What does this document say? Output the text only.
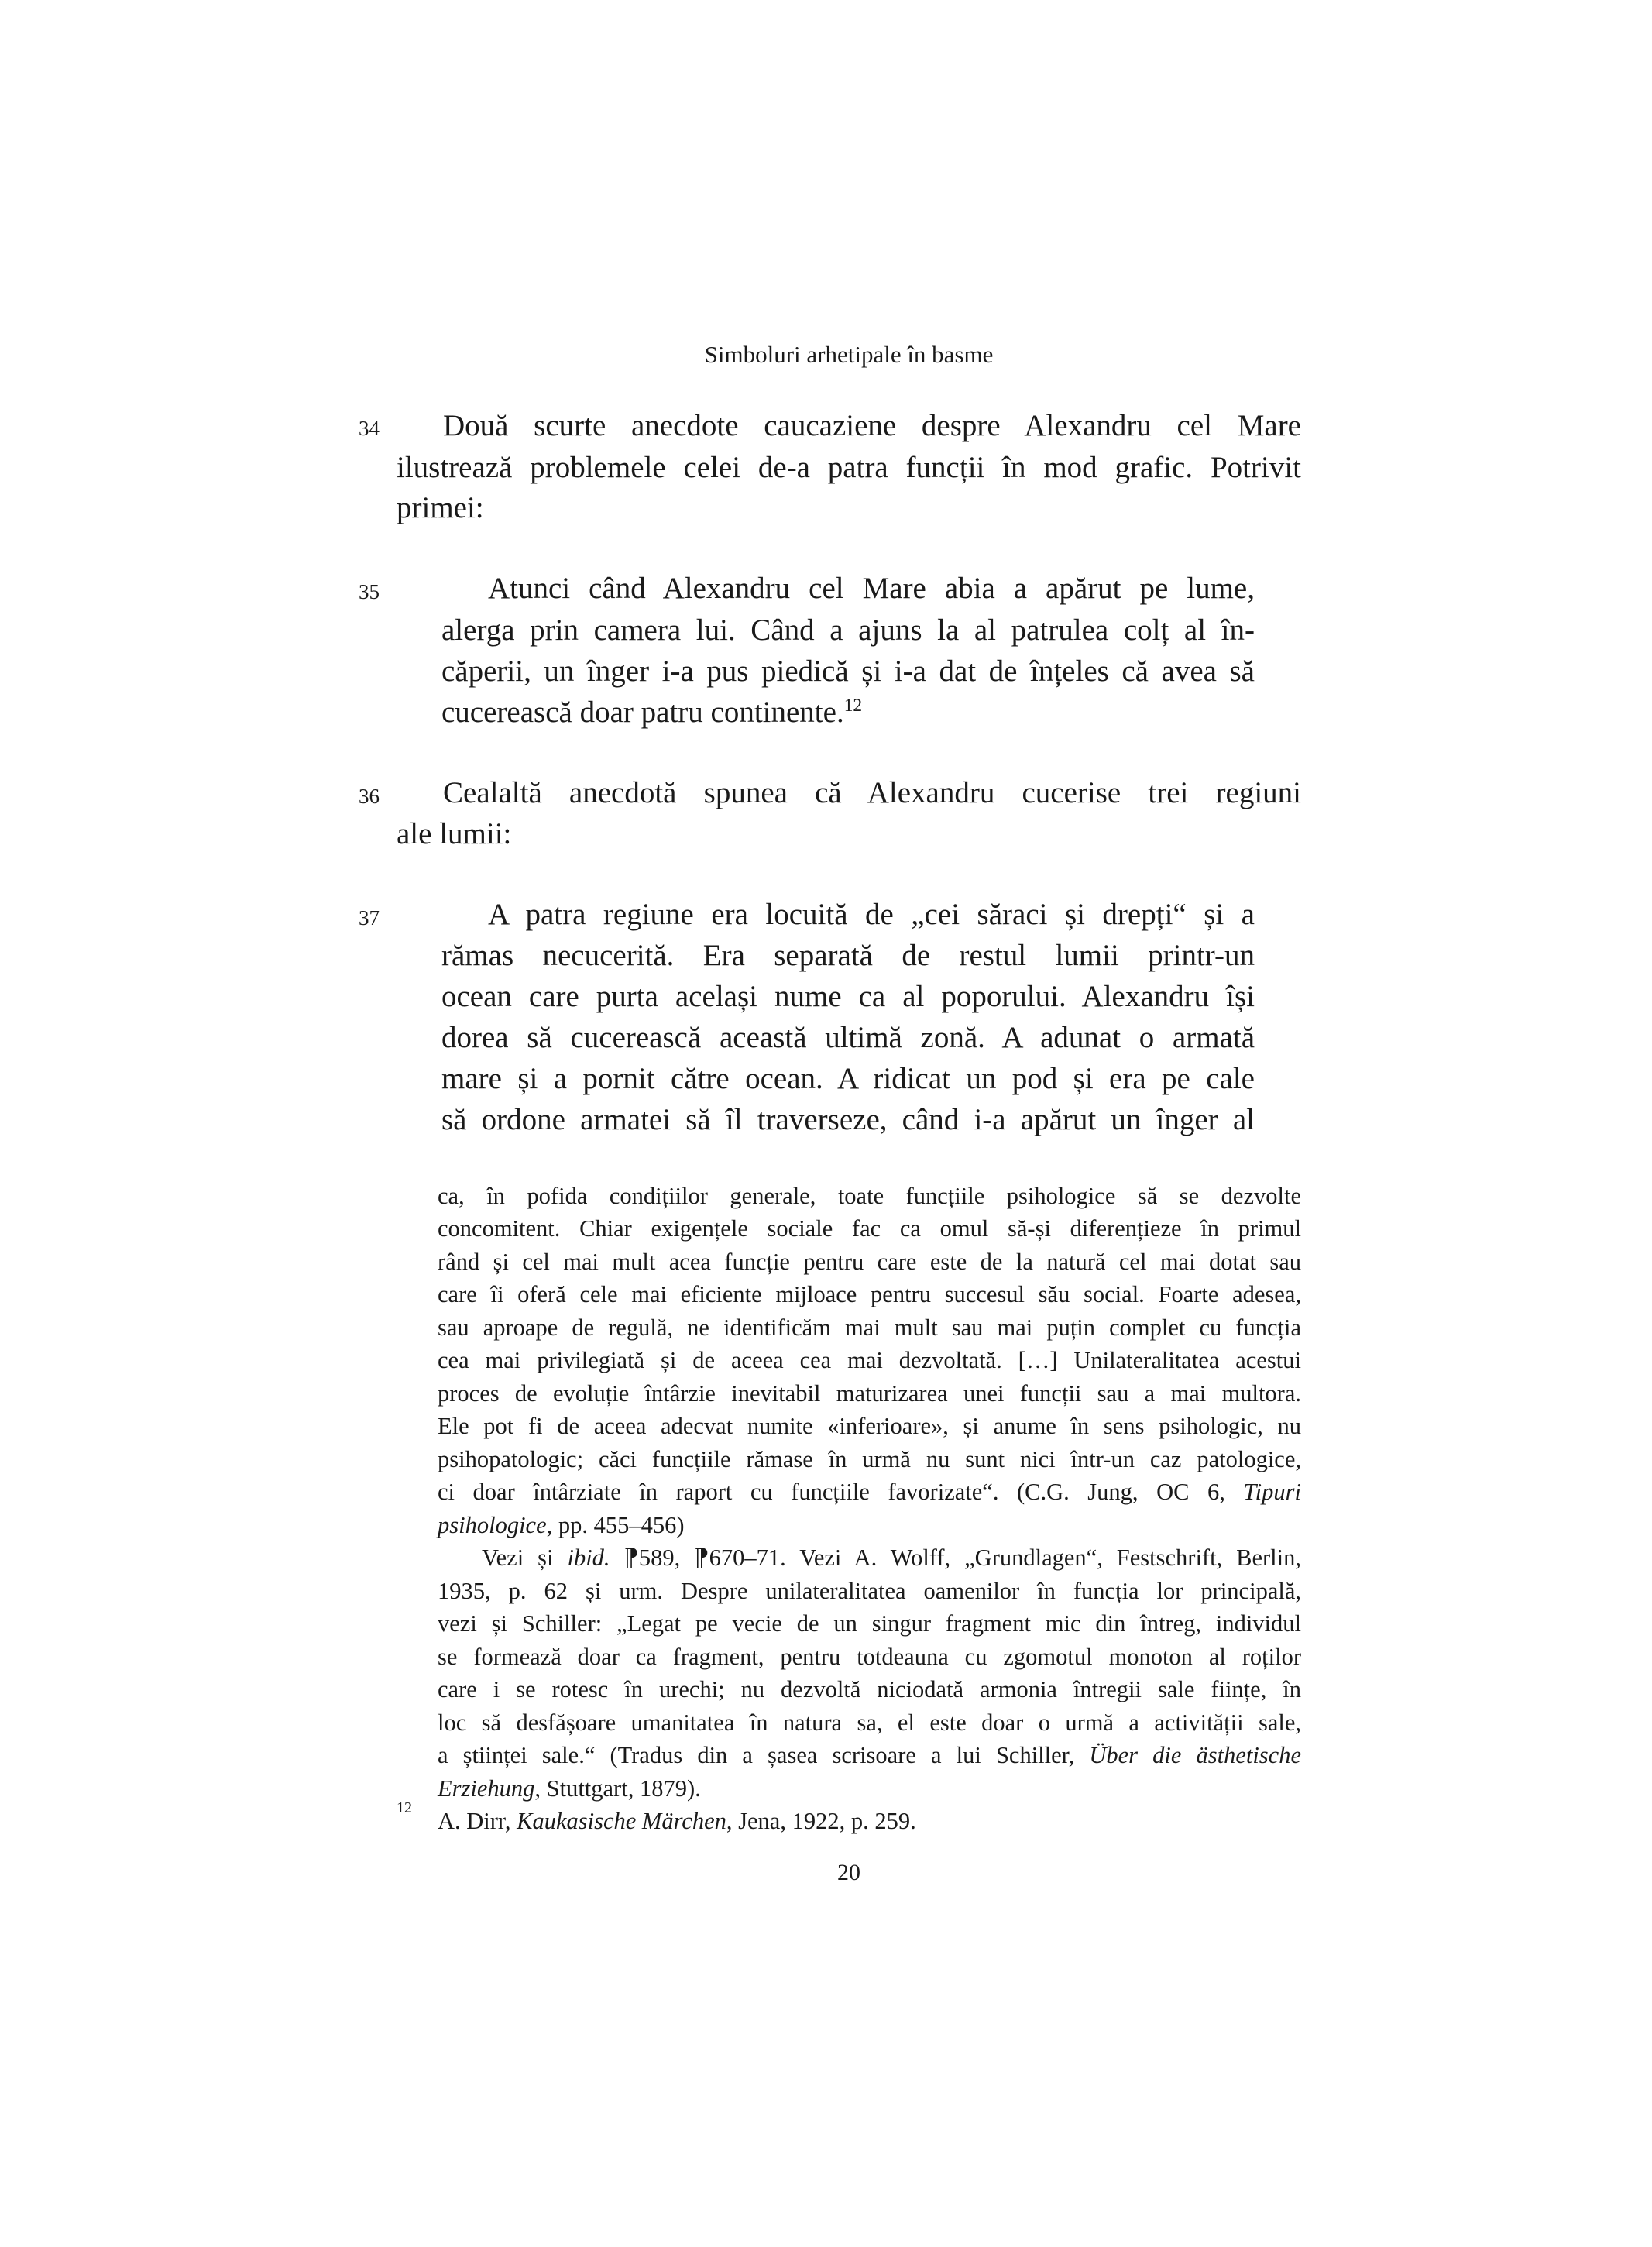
Simboluri arhetipale în basme
34 Două scurte anecdote caucaziene despre Alexandru cel Mare
ilustrează problemele celei de-a patra funcții în mod grafic. Potrivit
primei:
35	Atunci când Alexandru cel Mare abia a apărut pe lume,
alerga prin camera lui. Când a ajuns la al patrulea colț al în-
căperii, un înger i-a pus piedică și i-a dat de înțeles că avea să
cucerească doar patru continente.$^{12}$
36 Cealaltă anecdotă spunea că Alexandru cucerise trei regiuni
ale lumii:
37	A patra regiune era locuită de „cei săraci și drepți“ și a
rămas necucerită. Era separată de restul lumii printr-un
ocean care purta același nume ca al poporului. Alexandru își
dorea să cucerească această ultimă zonă. A adunat o armată
mare și a pornit către ocean. A ridicat un pod și era pe cale
să ordone armatei să îl traverseze, când i-a apărut un înger al
ca, în pofida condițiilor generale, toate funcțiile psihologice să se dezvolte
concomitent. Chiar exigențele sociale fac ca omul să-și diferențieze în primul
rând și cel mai mult acea funcție pentru care este de la natură cel mai dotat sau
care îi oferă cele mai eficiente mijloace pentru succesul său social. Foarte adesea,
sau aproape de regulă, ne identificăm mai mult sau mai puțin complet cu funcția
cea mai privilegiată și de aceea cea mai dezvoltată. […] Unilateralitatea acestui
proces de evoluție întârzie inevitabil maturizarea unei funcții sau a mai multora.
Ele pot fi de aceea adecvat numite «inferioare», și anume în sens psihologic, nu
psihopatologic; căci funcțiile rămase în urmă nu sunt nici într-un caz patologice,
ci doar întârziate în raport cu funcțiile favorizate“. (C.G. Jung, OC 6, Tipuri
psihologice, pp. 455–456)
Vezi și ibid. ⁋589, ⁋670–71. Vezi A. Wolff, „Grundlagen“, Festschrift, Berlin,
1935, p. 62 și urm. Despre unilateralitatea oamenilor în funcția lor principală,
vezi și Schiller: „Legat pe vecie de un singur fragment mic din întreg, individul
se formează doar ca fragment, pentru totdeauna cu zgomotul monoton al roților
care i se rotesc în urechi; nu dezvoltă niciodată armonia întregii sale ființe, în
loc să desfășoare umanitatea în natura sa, el este doar o urmă a activității sale,
a științei sale.“ (Tradus din a șasea scrisoare a lui Schiller, Über die ästhetische
Erziehung, Stuttgart, 1879).
12 A. Dirr, Kaukasische Märchen, Jena, 1922, p. 259.
20
